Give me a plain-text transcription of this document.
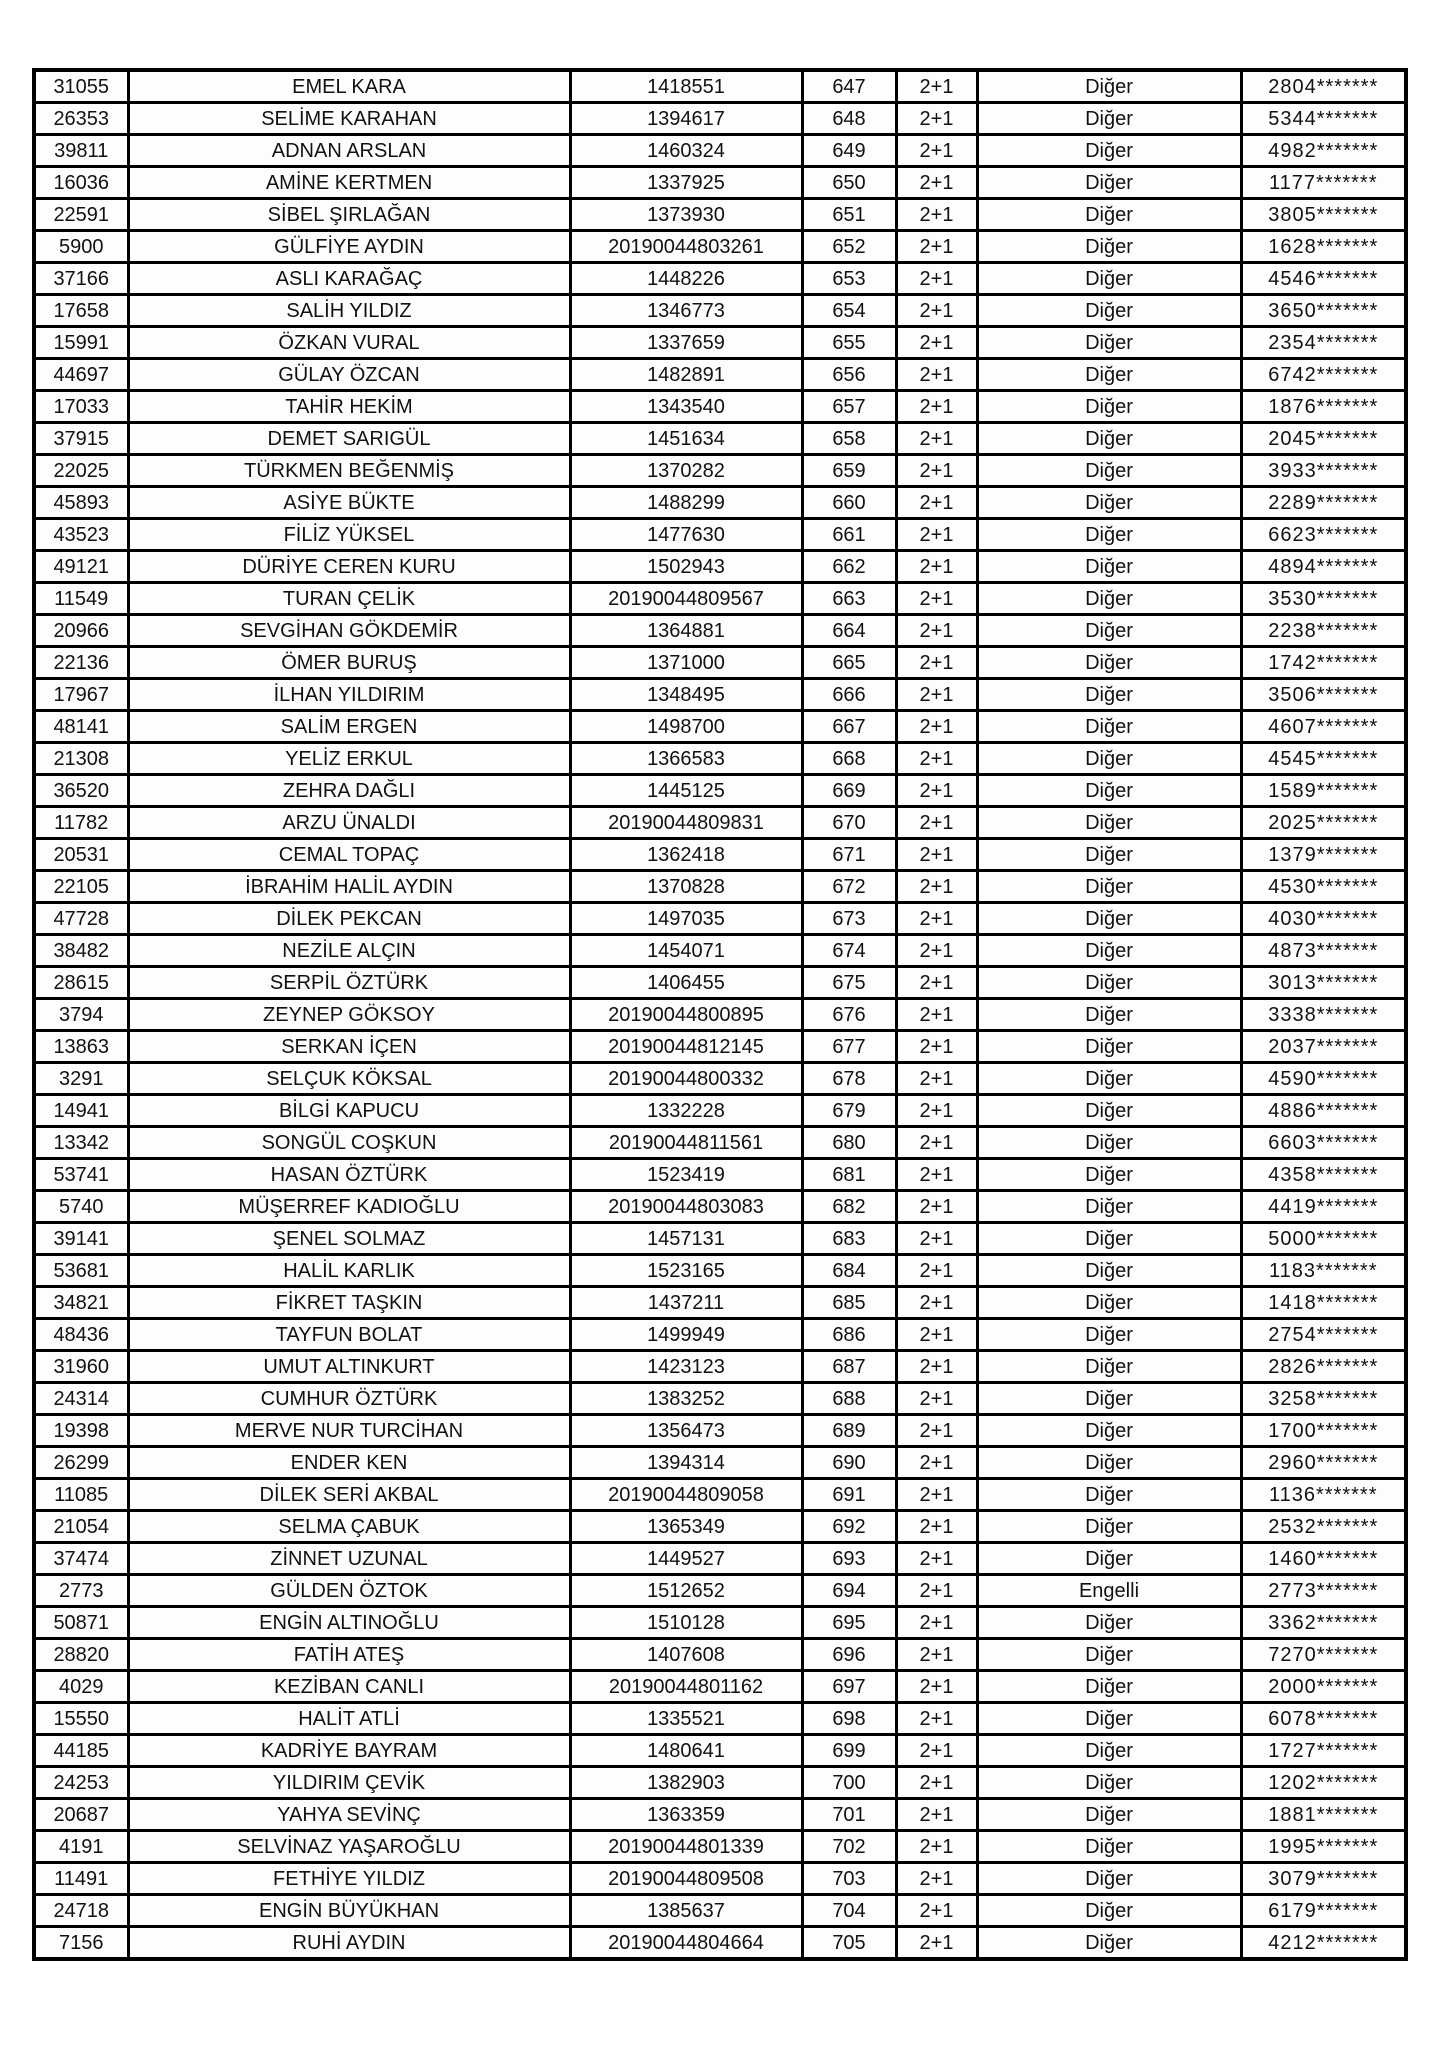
31055	EMEL KARA	1418551	647	2+1	Diğer	2804*******
26353	SELİME KARAHAN	1394617	648	2+1	Diğer	5344*******
39811	ADNAN ARSLAN	1460324	649	2+1	Diğer	4982*******
16036	AMİNE KERTMEN	1337925	650	2+1	Diğer	1177*******
22591	SİBEL ŞIRLAĞAN	1373930	651	2+1	Diğer	3805*******
5900	GÜLFİYE AYDIN	20190044803261	652	2+1	Diğer	1628*******
37166	ASLI KARAĞAÇ	1448226	653	2+1	Diğer	4546*******
17658	SALİH YILDIZ	1346773	654	2+1	Diğer	3650*******
15991	ÖZKAN VURAL	1337659	655	2+1	Diğer	2354*******
44697	GÜLAY ÖZCAN	1482891	656	2+1	Diğer	6742*******
17033	TAHİR HEKİM	1343540	657	2+1	Diğer	1876*******
37915	DEMET SARIGÜL	1451634	658	2+1	Diğer	2045*******
22025	TÜRKMEN BEĞENMİŞ	1370282	659	2+1	Diğer	3933*******
45893	ASİYE BÜKTE	1488299	660	2+1	Diğer	2289*******
43523	FİLİZ YÜKSEL	1477630	661	2+1	Diğer	6623*******
49121	DÜRİYE CEREN KURU	1502943	662	2+1	Diğer	4894*******
11549	TURAN ÇELİK	20190044809567	663	2+1	Diğer	3530*******
20966	SEVGİHAN GÖKDEMİR	1364881	664	2+1	Diğer	2238*******
22136	ÖMER BURUŞ	1371000	665	2+1	Diğer	1742*******
17967	İLHAN YILDIRIM	1348495	666	2+1	Diğer	3506*******
48141	SALİM ERGEN	1498700	667	2+1	Diğer	4607*******
21308	YELİZ ERKUL	1366583	668	2+1	Diğer	4545*******
36520	ZEHRA DAĞLI	1445125	669	2+1	Diğer	1589*******
11782	ARZU ÜNALDI	20190044809831	670	2+1	Diğer	2025*******
20531	CEMAL TOPAÇ	1362418	671	2+1	Diğer	1379*******
22105	İBRAHİM HALİL AYDIN	1370828	672	2+1	Diğer	4530*******
47728	DİLEK PEKCAN	1497035	673	2+1	Diğer	4030*******
38482	NEZİLE ALÇIN	1454071	674	2+1	Diğer	4873*******
28615	SERPİL ÖZTÜRK	1406455	675	2+1	Diğer	3013*******
3794	ZEYNEP GÖKSOY	20190044800895	676	2+1	Diğer	3338*******
13863	SERKAN İÇEN	20190044812145	677	2+1	Diğer	2037*******
3291	SELÇUK KÖKSAL	20190044800332	678	2+1	Diğer	4590*******
14941	BİLGİ KAPUCU	1332228	679	2+1	Diğer	4886*******
13342	SONGÜL COŞKUN	20190044811561	680	2+1	Diğer	6603*******
53741	HASAN ÖZTÜRK	1523419	681	2+1	Diğer	4358*******
5740	MÜŞERREF KADIOĞLU	20190044803083	682	2+1	Diğer	4419*******
39141	ŞENEL SOLMAZ	1457131	683	2+1	Diğer	5000*******
53681	HALİL KARLIK	1523165	684	2+1	Diğer	1183*******
34821	FİKRET TAŞKIN	1437211	685	2+1	Diğer	1418*******
48436	TAYFUN BOLAT	1499949	686	2+1	Diğer	2754*******
31960	UMUT ALTINKURT	1423123	687	2+1	Diğer	2826*******
24314	CUMHUR ÖZTÜRK	1383252	688	2+1	Diğer	3258*******
19398	MERVE NUR TURCİHAN	1356473	689	2+1	Diğer	1700*******
26299	ENDER KEN	1394314	690	2+1	Diğer	2960*******
11085	DİLEK SERİ AKBAL	20190044809058	691	2+1	Diğer	1136*******
21054	SELMA ÇABUK	1365349	692	2+1	Diğer	2532*******
37474	ZİNNET UZUNAL	1449527	693	2+1	Diğer	1460*******
2773	GÜLDEN ÖZTOK	1512652	694	2+1	Engelli	2773*******
50871	ENGİN ALTINOĞLU	1510128	695	2+1	Diğer	3362*******
28820	FATİH ATEŞ	1407608	696	2+1	Diğer	7270*******
4029	KEZİBAN CANLI	20190044801162	697	2+1	Diğer	2000*******
15550	HALİT ATLİ	1335521	698	2+1	Diğer	6078*******
44185	KADRİYE BAYRAM	1480641	699	2+1	Diğer	1727*******
24253	YILDIRIM ÇEVİK	1382903	700	2+1	Diğer	1202*******
20687	YAHYA SEVİNÇ	1363359	701	2+1	Diğer	1881*******
4191	SELVİNAZ YAŞAROĞLU	20190044801339	702	2+1	Diğer	1995*******
11491	FETHİYE YILDIZ	20190044809508	703	2+1	Diğer	3079*******
24718	ENGİN BÜYÜKHAN	1385637	704	2+1	Diğer	6179*******
7156	RUHİ AYDIN	20190044804664	705	2+1	Diğer	4212*******
